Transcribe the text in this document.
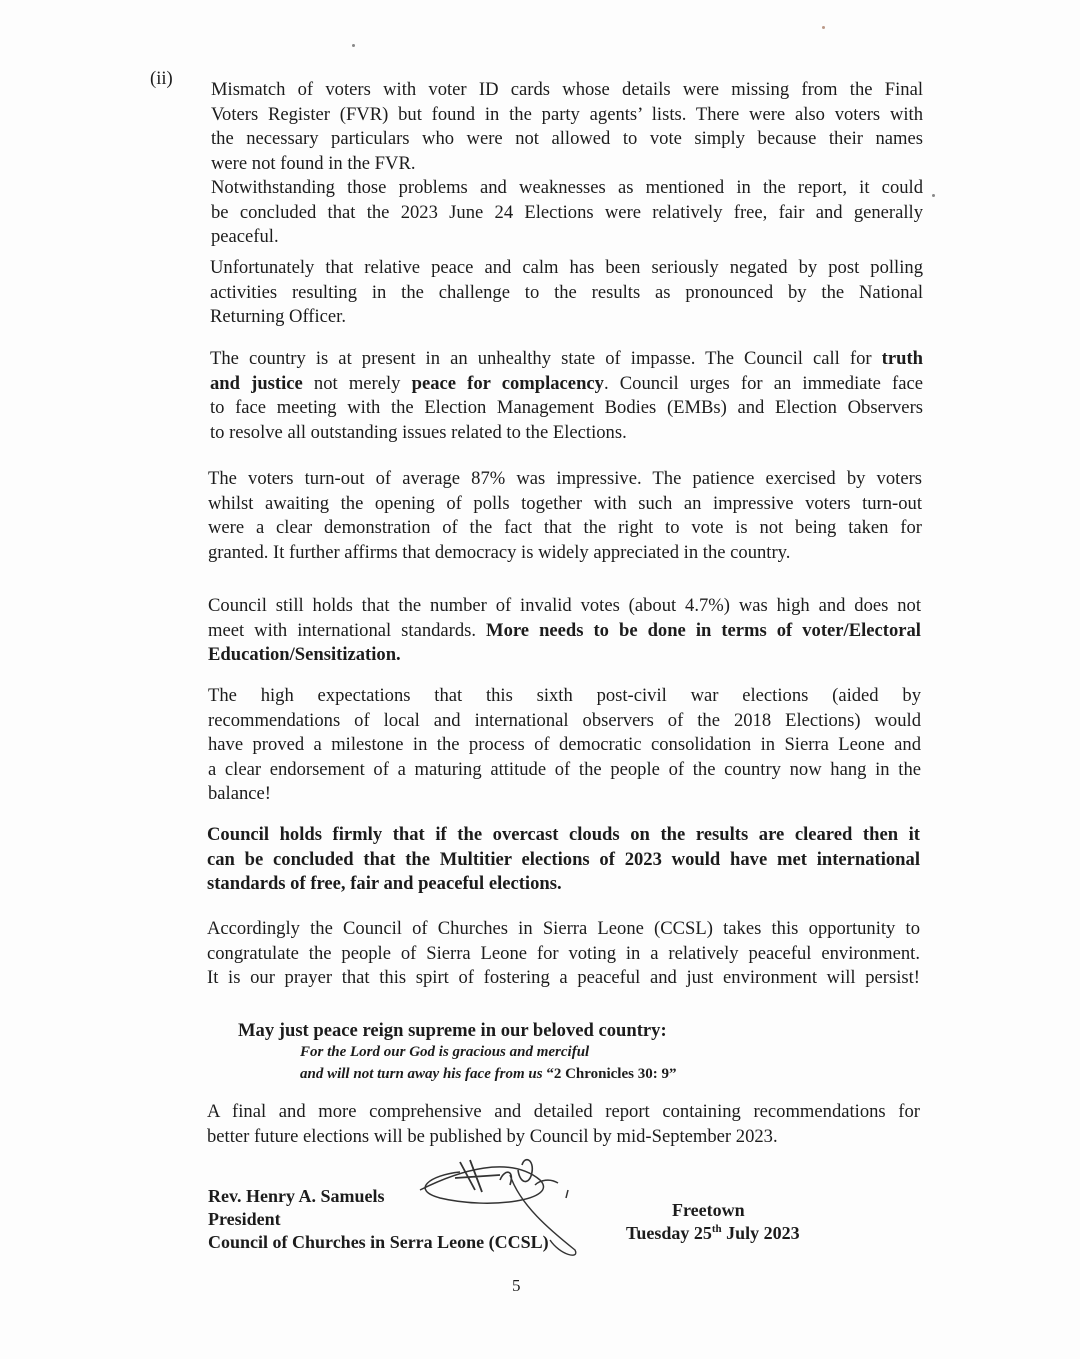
(ii)
Mismatch of voters with voter ID cards whose details were missing from the Final
Voters Register (FVR) but found in the party agents’ lists. There were also voters with
the necessary particulars who were not allowed to vote simply because their names
were not found in the FVR.
Notwithstanding those problems and weaknesses as mentioned in the report, it could
be concluded that the 2023 June 24 Elections were relatively free, fair and generally
peaceful.
Unfortunately that relative peace and calm has been seriously negated by post polling
activities resulting in the challenge to the results as pronounced by the National
Returning Officer.
The country is at present in an unhealthy state of impasse. The Council call for truth
and justice not merely peace for complacency. Council urges for an immediate face
to face meeting with the Election Management Bodies (EMBs) and Election Observers
to resolve all outstanding issues related to the Elections.
The voters turn-out of average 87% was impressive. The patience exercised by voters
whilst awaiting the opening of polls together with such an impressive voters turn-out
were a clear demonstration of the fact that the right to vote is not being taken for
granted. It further affirms that democracy is widely appreciated in the country.
Council still holds that the number of invalid votes (about 4.7%) was high and does not
meet with international standards. More needs to be done in terms of voter/Electoral
Education/Sensitization.
The high expectations that this sixth post-civil war elections (aided by
recommendations of local and international observers of the 2018 Elections) would
have proved a milestone in the process of democratic consolidation in Sierra Leone and
a clear endorsement of a maturing attitude of the people of the country now hang in the
balance!
Council holds firmly that if the overcast clouds on the results are cleared then it
can be concluded that the Multitier elections of 2023 would have met international
standards of free, fair and peaceful elections.
Accordingly the Council of Churches in Sierra Leone (CCSL) takes this opportunity to
congratulate the people of Sierra Leone for voting in a relatively peaceful environment.
It is our prayer that this spirt of fostering a peaceful and just environment will persist!
May just peace reign supreme in our beloved country:
For the Lord our God is gracious and merciful
and will not turn away his face from us “2 Chronicles 30: 9”
A final and more comprehensive and detailed report containing recommendations for
better future elections will be published by Council by mid-September 2023.
Rev. Henry A. Samuels
President
Council of Churches in Serra Leone (CCSL)
Freetown
Tuesday 25th July 2023
5
